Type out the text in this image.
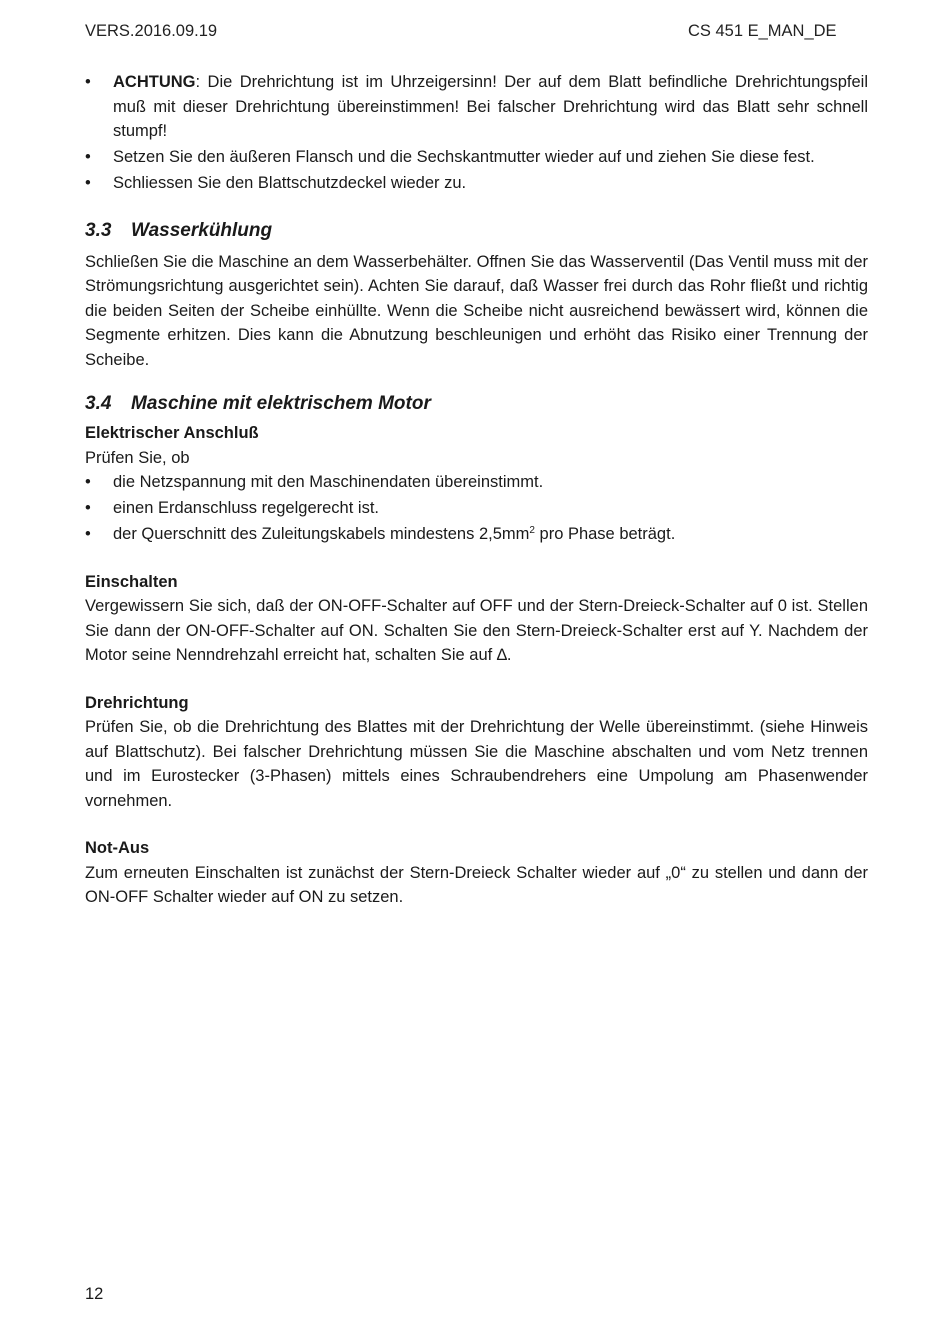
VERS.2016.09.19	CS 451 E_MAN_DE
• ACHTUNG: Die Drehrichtung ist im Uhrzeigersinn! Der auf dem Blatt befindliche Drehrichtungspfeil muß mit dieser Drehrichtung übereinstimmen! Bei falscher Drehrichtung wird das Blatt sehr schnell stumpf!
• Setzen Sie den äußeren Flansch und die Sechskantmutter wieder auf und ziehen Sie diese fest.
• Schliessen Sie den Blattschutzdeckel wieder zu.
3.3 Wasserkühlung

Schließen Sie die Maschine an dem Wasserbehälter. Offnen Sie das Wasserventil (Das Ventil muss mit der Strömungsrichtung ausgerichtet sein). Achten Sie darauf, daß Wasser frei durch das Rohr fließt und richtig die beiden Seiten der Scheibe einhüllte. Wenn die Scheibe nicht ausreichend bewässert wird, können die Segmente erhitzen. Dies kann die Abnutzung beschleunigen und erhöht das Risiko einer Trennung der Scheibe.

3.4 Maschine mit elektrischem Motor
Elektrischer Anschluß

Prüfen Sie, ob

• die Netzspannung mit den Maschinendaten übereinstimmt.
• einen Erdanschluss regelgerecht ist.
• der Querschnitt des Zuleitungskabels mindestens $2,5mm^2$ pro Phase beträgt.
Einschalten

Vergewissern Sie sich, daß der ON-OFF-Schalter auf OFF und der Stern-Dreieck-Schalter auf 0 ist. Stellen Sie dann der ON-OFF-Schalter auf ON. Schalten Sie den Stern-Dreieck-Schalter erst auf Y. Nachdem der Motor seine Nenndrehzahl erreicht hat, schalten Sie auf ∆.

Drehrichtung

Prüfen Sie, ob die Drehrichtung des Blattes mit der Drehrichtung der Welle übereinstimmt. (siehe Hinweis auf Blattschutz). Bei falscher Drehrichtung müssen Sie die Maschine abschalten und vom Netz trennen und im Eurostecker (3-Phasen) mittels eines Schraubendrehers eine Umpolung am Phasenwender vornehmen.

Not-Aus

Zum erneuten Einschalten ist zunächst der Stern-Dreieck Schalter wieder auf „0“ zu stellen und dann der ON-OFF Schalter wieder auf ON zu setzen.

12
